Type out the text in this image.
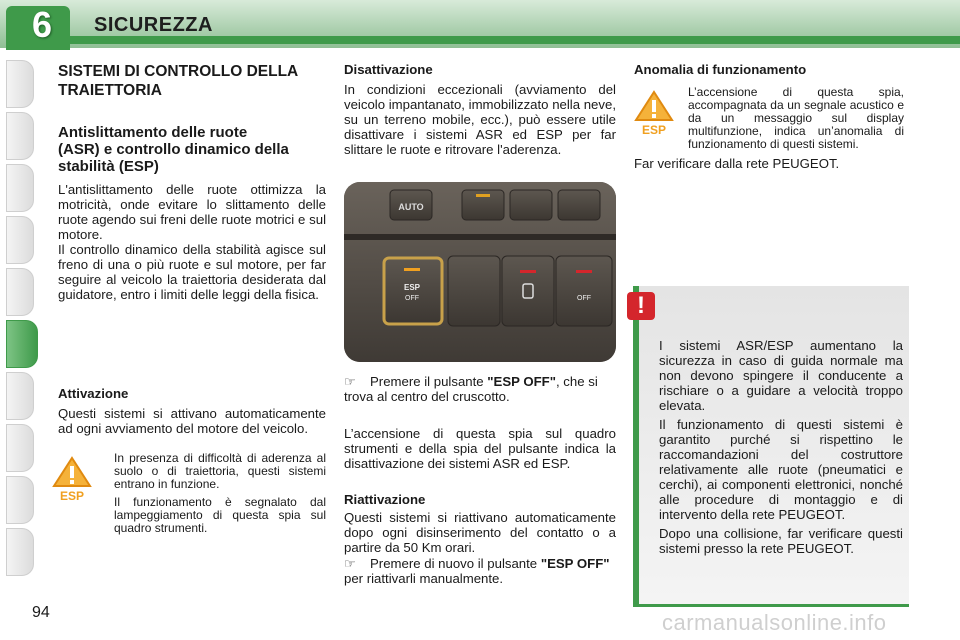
6	SICUREZZA
SISTEMI DI CONTROLLO DELLA
TRAIETTORIA
Antislittamento delle ruote
(ASR) e controllo dinamico della
stabilità (ESP)
L'antislittamento delle ruote ottimizza la motricità, onde evitare lo slittamento delle ruote agendo sui freni delle ruote motrici e sul motore.
Il controllo dinamico della stabilità agisce sul freno di una o più ruote e sul motore, per far seguire al veicolo la traiettoria desiderata dal guidatore, entro i limiti delle leggi della fisica.
Attivazione
Questi sistemi si attivano automaticamente ad ogni avviamento del motore del veicolo.
ESP
In presenza di difficoltà di aderenza al suolo o di traiettoria, questi sistemi entrano in funzione.
Il funzionamento è segnalato dal lampeggiamento di questa spia sul quadro strumenti.
Disattivazione
In condizioni eccezionali (avviamento del veicolo impantanato, immobilizzato nella neve, su un terreno mobile, ecc.), può essere utile disattivare i sistemi ASR ed ESP per far slittare le ruote e ritrovare l'aderenza.
AUTO
ESP
OFF	OFF
☞ Premere il pulsante "ESP OFF", che si trova al centro del cruscotto.
L’accensione di questa spia sul quadro strumenti e della spia del pulsante indica la disattivazione dei sistemi ASR ed ESP.
Riattivazione
Questi sistemi si riattivano automaticamente dopo ogni disinserimento del contatto o a partire da 50 Km orari.
☞ Premere di nuovo il pulsante "ESP OFF" per riattivarli manualmente.
Anomalia di funzionamento
ESP
L’accensione di questa spia, accompagnata da un segnale acustico e da un messaggio sul display multifunzione, indica un’anomalia di funzionamento di questi sistemi.
Far verificare dalla rete PEUGEOT.

I sistemi ASR/ESP aumentano la sicurezza in caso di guida normale ma non devono spingere il conducente a rischiare o a guidare a velocità troppo elevata.

Il funzionamento di questi sistemi è garantito purché si rispettino le raccomandazioni del costruttore relativamente alle ruote (pneumatici e cerchi), ai componenti elettronici, nonché alle procedure di montaggio e di intervento della rete PEUGEOT.

Dopo una collisione, far verificare questi sistemi presso la rete PEUGEOT.

!
94	carmanualsonline.info
